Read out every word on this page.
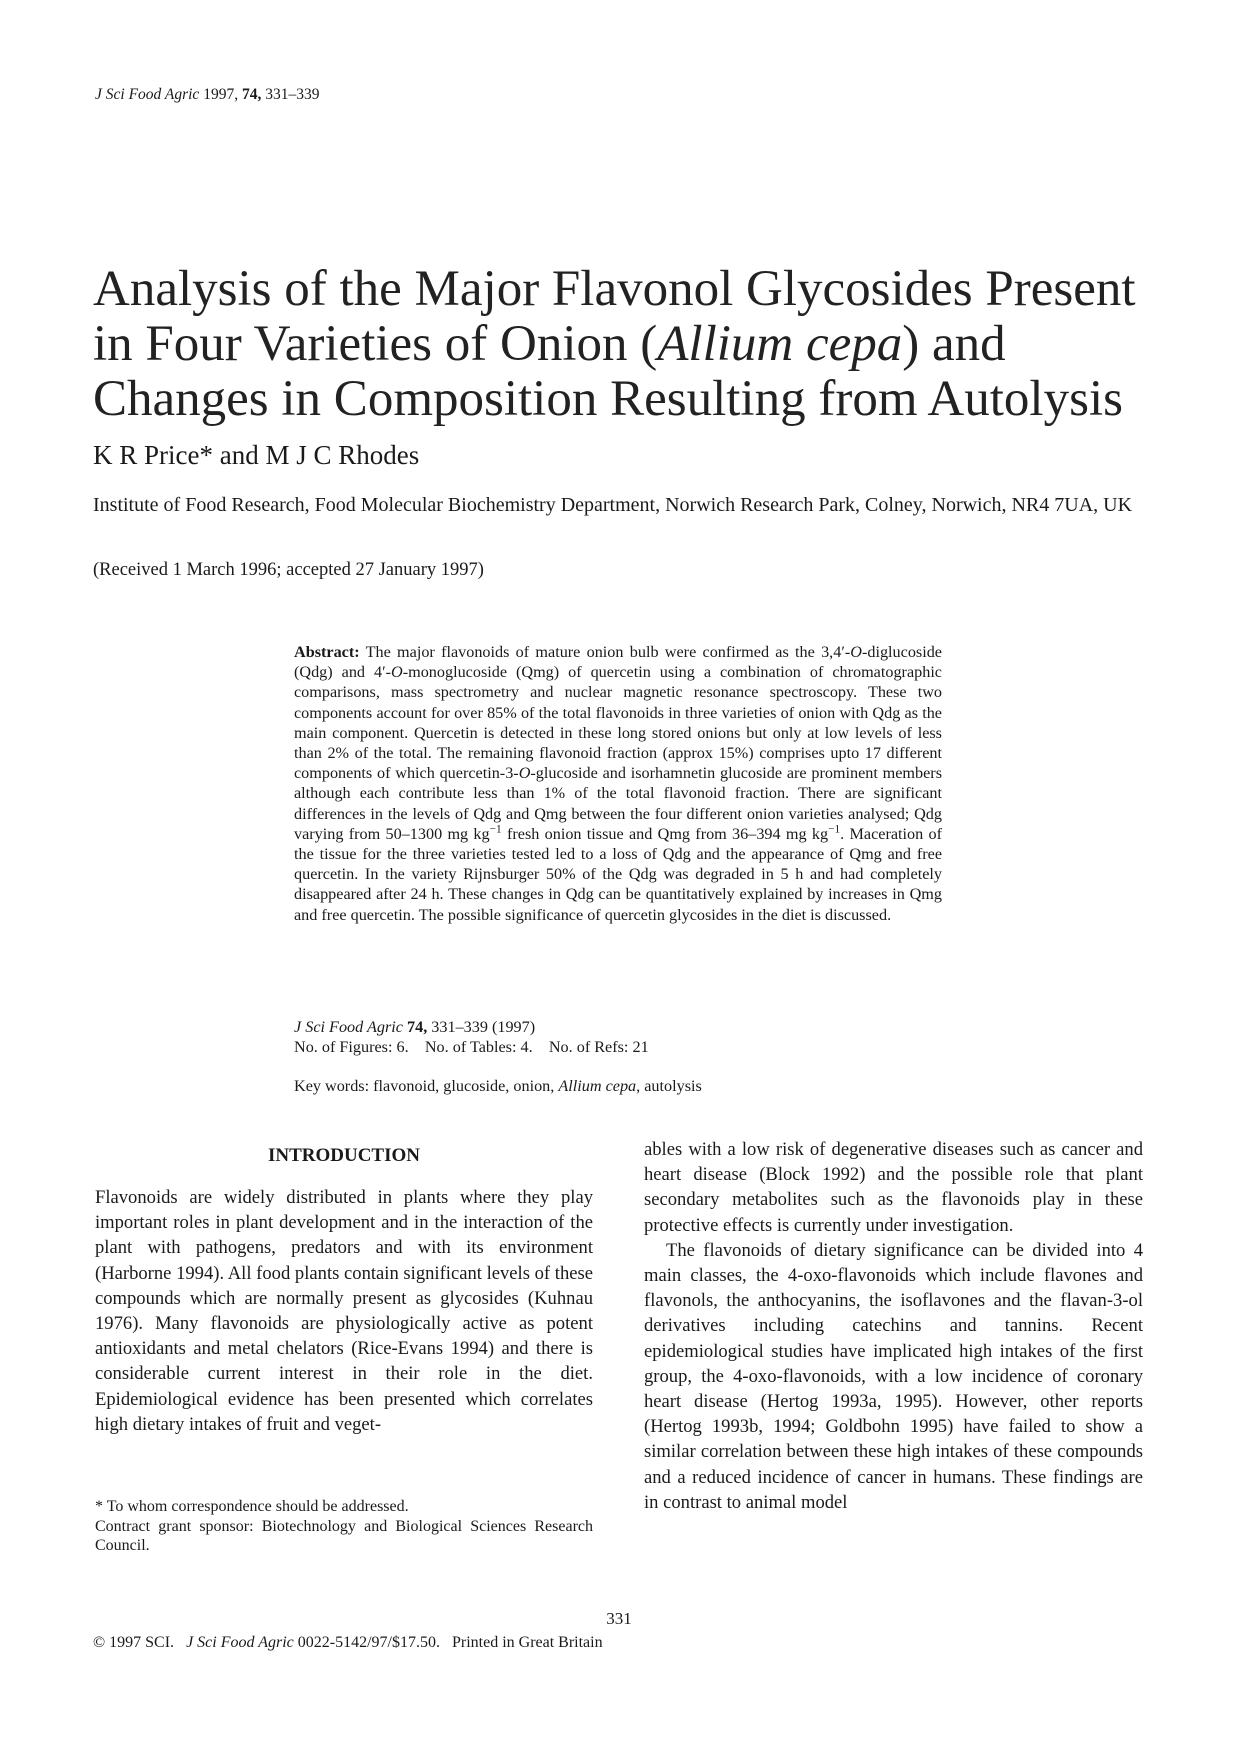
J Sci Food Agric 1997, 74, 331–339
Analysis of the Major Flavonol Glycosides Present in Four Varieties of Onion (Allium cepa) and Changes in Composition Resulting from Autolysis
K R Price* and M J C Rhodes
Institute of Food Research, Food Molecular Biochemistry Department, Norwich Research Park, Colney, Norwich, NR4 7UA, UK
(Received 1 March 1996; accepted 27 January 1997)
Abstract: The major flavonoids of mature onion bulb were confirmed as the 3,4′-O-diglucoside (Qdg) and 4′-O-monoglucoside (Qmg) of quercetin using a combination of chromatographic comparisons, mass spectrometry and nuclear magnetic resonance spectroscopy. These two components account for over 85% of the total flavonoids in three varieties of onion with Qdg as the main component. Quercetin is detected in these long stored onions but only at low levels of less than 2% of the total. The remaining flavonoid fraction (approx 15%) comprises upto 17 different components of which quercetin-3-O-glucoside and isorhamnetin glucoside are prominent members although each contribute less than 1% of the total flavonoid fraction. There are significant differences in the levels of Qdg and Qmg between the four different onion varieties analysed; Qdg varying from 50–1300 mg $kg^{-1}$ fresh onion tissue and Qmg from 36–394 mg $kg^{-1}$. Maceration of the tissue for the three varieties tested led to a loss of Qdg and the appearance of Qmg and free quercetin. In the variety Rijnsburger 50% of the Qdg was degraded in 5 h and had completely disappeared after 24 h. These changes in Qdg can be quantitatively explained by increases in Qmg and free quercetin. The possible significance of quercetin glycosides in the diet is discussed.
J Sci Food Agric 74, 331–339 (1997)
No. of Figures: 6.    No. of Tables: 4.    No. of Refs: 21
Key words: flavonoid, glucoside, onion, Allium cepa, autolysis
INTRODUCTION

Flavonoids are widely distributed in plants where they play important roles in plant development and in the interaction of the plant with pathogens, predators and with its environment (Harborne 1994). All food plants contain significant levels of these compounds which are normally present as glycosides (Kuhnau 1976). Many flavonoids are physiologically active as potent antioxidants and metal chelators (Rice-Evans 1994) and there is considerable current interest in their role in the diet. Epidemiological evidence has been presented which correlates high dietary intakes of fruit and veget-

ables with a low risk of degenerative diseases such as cancer and heart disease (Block 1992) and the possible role that plant secondary metabolites such as the flavonoids play in these protective effects is currently under investigation.

The flavonoids of dietary significance can be divided into 4 main classes, the 4-oxo-flavonoids which include flavones and flavonols, the anthocyanins, the isoflavones and the flavan-3-ol derivatives including catechins and tannins. Recent epidemiological studies have implicated high intakes of the first group, the 4-oxo-flavonoids, with a low incidence of coronary heart disease (Hertog 1993a, 1995). However, other reports (Hertog 1993b, 1994; Goldbohn 1995) have failed to show a similar correlation between these high intakes of these compounds and a reduced incidence of cancer in humans. These findings are in contrast to animal model

* To whom correspondence should be addressed.
Contract grant sponsor: Biotechnology and Biological Sciences Research Council.
331
© 1997 SCI. J Sci Food Agric 0022-5142/97/$17.50. Printed in Great Britain
